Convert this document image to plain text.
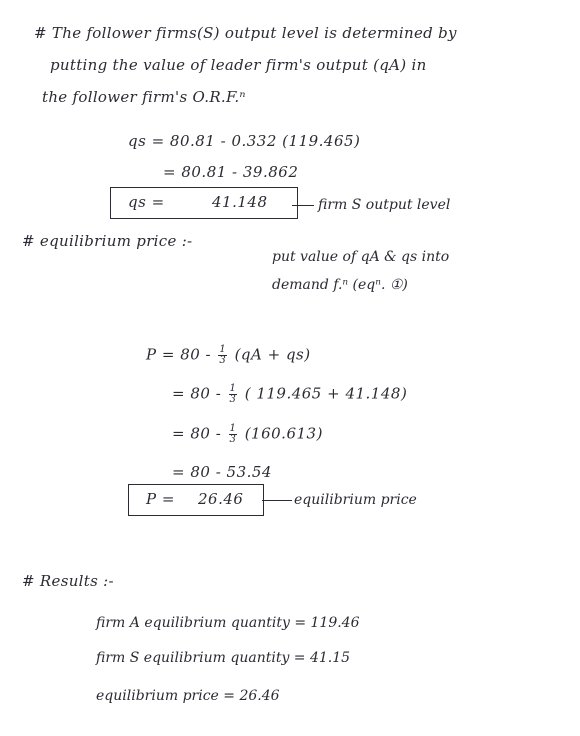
# The follower firms(S) output level is determined by
putting the value of leader firm's output (qA) in
the follower firm's O.R.F.ⁿ
qs = 80.81 - 0.332 (119.465)
= 80.81 - 39.862
qs =	41.148	firm S output level
# equilibrium price :-
put value of qA & qs into
demand f.ⁿ (eqⁿ. ①)
$P = 80 - \frac{1}{3} (qA + qs)$
= $80 - \frac{1}{3}$ ( 119.465 + 41.148)
= $80 - \frac{1}{3} (160.613)$
= 80 - 53.54
P = 26.46	equilibrium price
# Results :-
firm A equilibrium quantity = 119.46
firm S equilibrium quantity = 41.15
equilibrium price = 26.46
